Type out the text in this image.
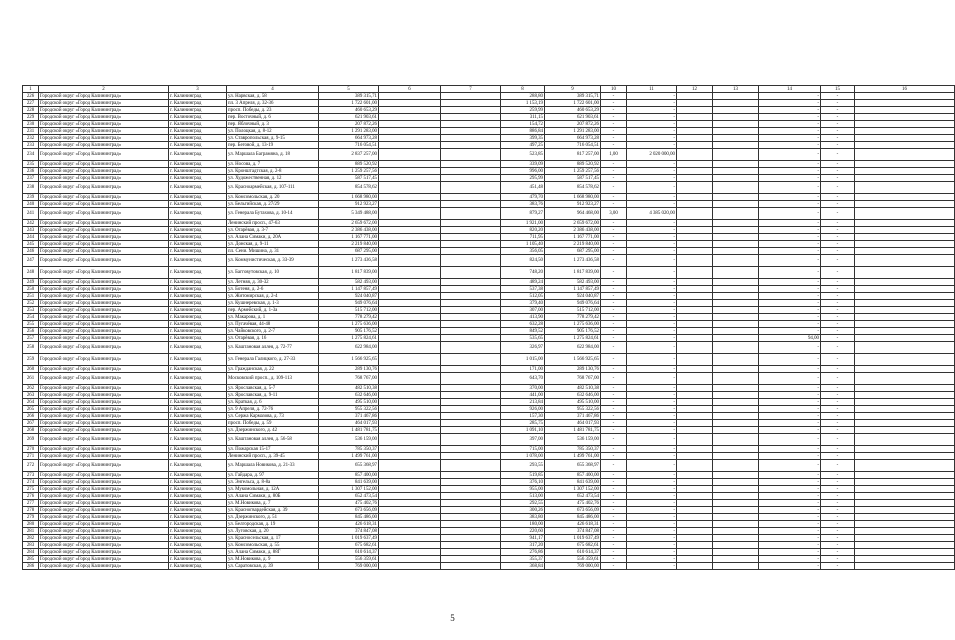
1	2	3	4	5	6	7	8	9	10	11	12	13	14	15	16
226	Городской округ «Город Калининград»	г. Калининград	ул. Нарвская, д. 58	389 315,71			288,80	389 315,71	-	-			-	-	
227	Городской округ «Город Калининград»	г. Калининград	пл. 3 Апреля, д. 32-36	1 722 601,00			1 153,19	1 722 601,00	-	-			-	-	
228	Городской округ «Город Калининград»	г. Калининград	просп. Победы, д. 23	460 653,29			259,99	460 653,29	-	-			-	-	
229	Городской округ «Город Калининград»	г. Калининград	пер. Восточный, д. 6	621 903,61			311,15	621 903,61	-	-			-	-	
230	Городской округ «Город Калининград»	г. Калининград	пер. Яблочный, д. 3	207 872,26			154,72	207 872,26	-	-			-	-	
231	Городской округ «Город Калининград»	г. Калининград	ул. Полоцкая, д. 8-12	1 291 283,00			886,84	1 291 283,00	-	-			-	-	
232	Городской округ «Город Калининград»	г. Калининград	ул. Ставропольская, д. 9-15	664 973,28			399,35	664 973,28	-	-			-	-	
233	Городской округ «Город Калининград»	г. Калининград	пер. Беговой, д. 13-19	716 054,51			497,25	716 054,51	-	-			-	-	
234	Городской округ «Город Калининград»	г. Калининград	ул. Маршала Баграмяна, д. 18	2 837 257,00			523,85	817 257,00	1,00	2 020 000,00			-	-	
235	Городской округ «Город Калининград»	г. Калининград	ул. Носова, д. 7	889 520,92			339,09	889 520,92	-	-			-	-	
236	Городской округ «Город Калининград»	г. Калининград	ул. Кронштадтская, д. 2-8	1 259 257,56			996,00	1 259 257,56	-	-			-	-	
237	Городской округ «Город Калининград»	г. Калининград	ул. Художественная, д. 12	587 517,45			295,99	587 517,45	-	-			-	-	
238	Городской округ «Город Калининград»	г. Калининград	ул. Красноармейская, д. 107-111	854 578,62			451,48	854 578,62	-	-			-	-	
239	Городской округ «Город Калининград»	г. Калининград	ул. Комсомольская, д. 20	1 668 980,00			479,70	1 668 980,00	-	-			-	-	
240	Городской округ «Город Калининград»	г. Калининград	ул. Бельгийская, д. 27/29	912 923,27			383,76	912 923,27	-	-			-	-	
241	Городской округ «Город Калининград»	г. Калининград	ул. Генерала Бутахова, д. 10-14	5 349 488,00			879,27	964 468,00	3,00	4 385 020,00			-	-	
242	Городской округ «Город Калининград»	г. Калининград	Ленинский просп., 47-63	2 659 672,00			1 921,00	2 659 672,00	-	-			-	-	
243	Городской округ «Город Калининград»	г. Калининград	ул. Огарёвая, д. 3-7	2 386 438,00			820,20	2 386 438,00	-	-			-	-	
244	Городской округ «Город Калининград»	г. Калининград	ул. Алана Симаки, д. 20А	1 167 771,00			711,95	1 167 771,00	-	-			-	-	
245	Городской округ «Город Калининград»	г. Калининград	ул. Донская, д. 9-11	2 219 840,00			1 105,40	2 219 840,00	-	-			-	-	
246	Городской округ «Город Калининград»	г. Калининград	пл. Сени. Мишина, д. 31	687 295,00			356,05	687 295,00	-	-			-	-	
247	Городской округ «Город Калининград»	г. Калининград	ул. Коммунистическая, д. 33-39	1 273 436,58			824,50	1 273 436,58	-	-			-	-	
248	Городской округ «Город Калининград»	г. Калининград	ул. Багговутовская, д. 10	1 817 839,00			748,20	1 817 839,00	-	-			-	-	
249	Городской округ «Город Калининград»	г. Калининград	ул. Летняя, д. 30-32	582 493,00			489,24	582 493,00	-	-			-	-	
250	Городской округ «Город Калининград»	г. Калининград	ул. Ботеня, д. 2-6	1 147 857,49			537,38	1 147 857,49	-	-			-	-	
251	Городской округ «Город Калининград»	г. Калининград	ул. Житомирская, д. 2-4	924 040,87			512,05	924 040,87	-	-			-	-	
252	Городской округ «Город Калининград»	г. Калининград	ул. Кушнеревская, д. 1-3	949 076,64			379,40	949 076,64	-	-			-	-	
253	Городской округ «Город Калининград»	г. Калининград	пер. Армейский, д. 1-3а	515 712,00			307,00	515 712,00	-	-			-	-	
254	Городской округ «Город Калининград»	г. Калининград	ул. Макарова, д. 1	778 279,42			413,90	778 279,42	-	-			-	-	
255	Городской округ «Город Калининград»	г. Калининград	ул. Пугачёвая, 44-48	1 275 636,00			632,28	1 275 636,00	-	-			-	-	
256	Городской округ «Город Калининград»	г. Калининград	ул. Чайковского, д. 2-7	905 176,52			849,52	905 176,52	-	-			-	-	
257	Городской округ «Город Калининград»	г. Калининград	ул. Огарёвая, д. 16	1 275 824,61			535,65	1 275 824,61	-	-			94,00	-	
258	Городской округ «Город Калининград»	г. Калининград	ул. Каштановая аллея, д. 72-77	622 984,00			326,97	622 984,00	-	-			-	-	
259	Городской округ «Город Калининград»	г. Калининград	ул. Генерала Галицкого, д. 27-33	1 566 925,65			1 015,00	1 566 925,65	-	-			-	-	
260	Городской округ «Город Калининград»	г. Калининград	ул. Гражданская, д. 22	289 130,76			171,00	289 130,76	-	-			-	-	
261	Городской округ «Город Калининград»	г. Калининград	Московский просп., д. 109-113	768 767,00			643,70	768 767,00	-	-			-	-	
262	Городской округ «Город Калининград»	г. Калининград	ул. Ярославская, д. 5-7	482 510,38			370,00	482 510,38	-	-			-	-	
263	Городской округ «Город Калининград»	г. Калининград	ул. Ярославская, д. 9-11	632 646,00			441,00	632 646,00	-	-			-	-	
264	Городской округ «Город Калининград»	г. Калининград	ул. Краткая, д. 6	495 510,00			213,84	495 510,00	-	-			-	-	
265	Городской округ «Город Калининград»	г. Калининград	ул. 9 Апреля, д. 72-76	955 322,56			926,00	955 322,56	-	-			-	-	
266	Городской округ «Город Калининград»	г. Калининград	ул. Сержа Кармазова, д. 73	371 467,86			157,30	371 467,86	-	-			-	-	
267	Городской округ «Город Калининград»	г. Калининград	просп. Победы, д. 59	464 017,93			285,75	464 017,93	-	-			-	-	
268	Городской округ «Город Калининград»	г. Калининград	ул. Дзержинского, д. 42	1 481 781,75			1 091,10	1 481 781,75	-	-			-	-	
269	Городской округ «Город Калининград»	г. Калининград	ул. Каштановая аллея, д. 56-58	536 159,00			397,00	536 159,00	-	-			-	-	
270	Городской округ «Город Калининград»	г. Калининград	ул. Пожарская 15-17	785 350,37			715,00	785 350,37	-	-			-	-	
271	Городской округ «Город Калининград»	г. Калининград	Ленинский просп., д. 39-45	1 499 761,00			1 078,00	1 499 761,00	-	-			-	-	
272	Городской округ «Город Калининград»	г. Калининград	ул. Маршала Новикова, д. 21-33	655 368,97			293,55	655 368,97	-	-			-	-	
273	Городской округ «Город Калининград»	г. Калининград	ул. Гайдара, д. 97	857 400,00			519,85	857 400,00	-	-			-	-	
274	Городской округ «Город Калининград»	г. Калининград	ул. Энгельса, д. 8-8а	841 639,00			376,10	841 639,00	-	-			-	-	
275	Городской округ «Город Калининград»	г. Калининград	ул. Мукомольная, д. 12А	1 307 152,00			955,00	1 307 152,00	-	-			-	-	
276	Городской округ «Город Калининград»	г. Калининград	ул. Алана Симаки, д. 80Б	652 473,54			513,00	652 473,54	-	-			-	-	
277	Городской округ «Город Калининград»	г. Калининград	ул. М.Новикова, д. 7	475 402,76			292,55	475 402,76	-	-			-	-	
278	Городской округ «Город Калининград»	г. Калининград	ул. Красногвардейская, д. 39	673 656,09			300,26	673 656,09	-	-			-	-	
279	Городской округ «Город Калининград»	г. Калининград	ул. Дзержинского, д. 51	845 486,00			383,80	845 486,00	-	-			-	-	
280	Городской округ «Город Калининград»	г. Калининград	ул. Белгородская, д. 19	426 618,31			180,00	426 618,31	-	-			-	-	
281	Городской округ «Город Калининград»	г. Калининград	ул. Луговская, д. 20	374 847,08			220,60	374 847,08	-	-			-	-	
282	Городской округ «Город Калининград»	г. Калининград	ул. Красносельская, д. 17	1 019 637,49			941,17	1 019 637,49	-	-			-	-	
283	Городской округ «Город Калининград»	г. Калининград	ул. Комсомольская, д. 55	675 682,61			317,20	675 682,61	-	-			-	-	
284	Городской округ «Город Калининград»	г. Калининград	ул. Алана Симаки, д. 88Г	610 614,37			276,86	610 614,37	-	-			-	-	
285	Городской округ «Город Калининград»	г. Калининград	ул. М.Новикова, д. 9	556 359,61			355,37	556 359,61	-	-			-	-	
286	Городской округ «Город Калининград»	г. Калининград	ул. Саратовская, д. 39	769 000,00			368,84	769 000,00	-	-			-	-	
5
